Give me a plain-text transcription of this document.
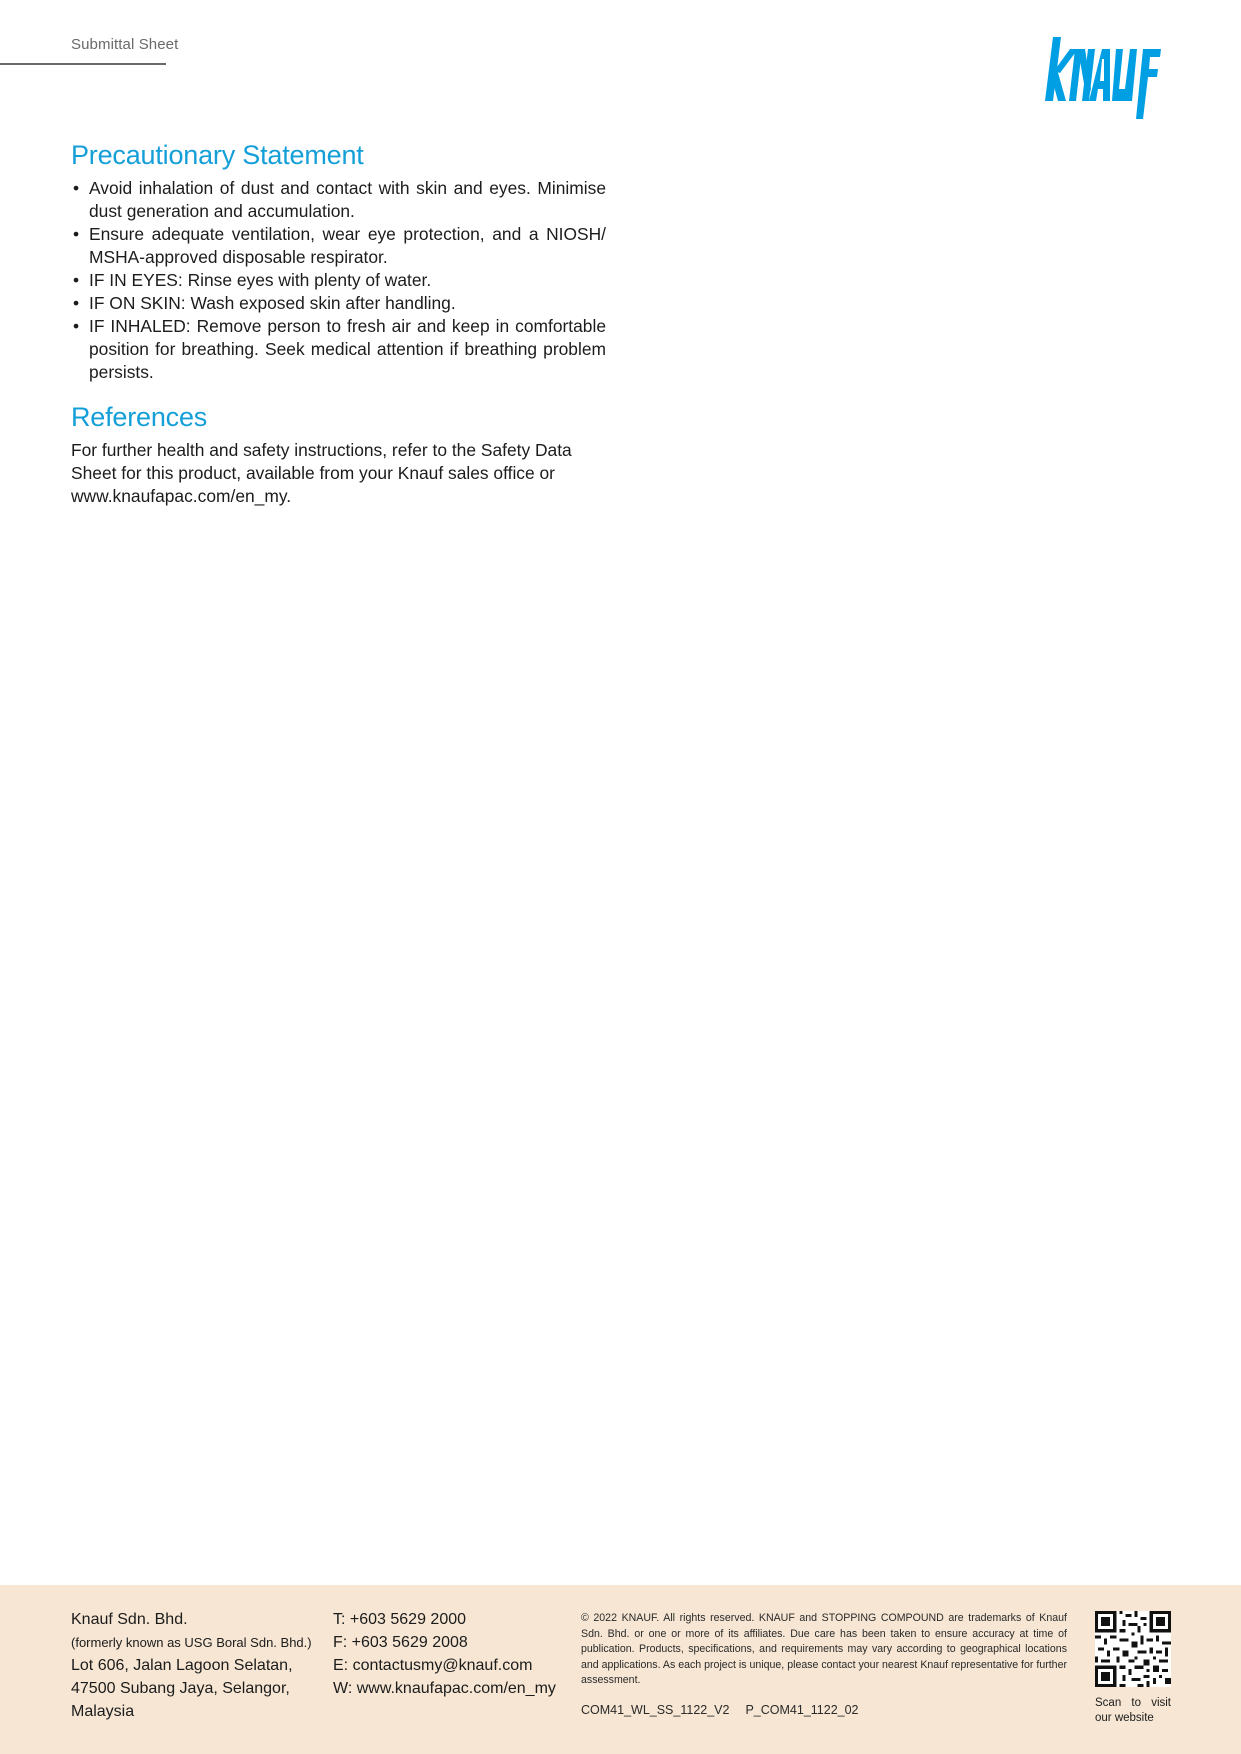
Submittal Sheet
Precautionary Statement
• Avoid inhalation of dust and contact with skin and eyes. Minimise dust generation and accumulation.
• Ensure adequate ventilation, wear eye protection, and a NIOSH/ MSHA-approved disposable respirator.
• IF IN EYES: Rinse eyes with plenty of water.
• IF ON SKIN: Wash exposed skin after handling.
• IF INHALED: Remove person to fresh air and keep in comfortable position for breathing. Seek medical attention if breathing problem persists.
References

For further health and safety instructions, refer to the Safety Data Sheet for this product, available from your Knauf sales office or www.knaufapac.com/en_my.

Knauf Sdn. Bhd.
(formerly known as USG Boral Sdn. Bhd.)
Lot 606, Jalan Lagoon Selatan,
47500 Subang Jaya, Selangor,
Malaysia
T: +603 5629 2000
F: +603 5629 2008
E: contactusmy@knauf.com
W: www.knaufapac.com/en_my
© 2022 KNAUF. All rights reserved. KNAUF and STOPPING COMPOUND are trademarks of Knauf Sdn. Bhd. or one or more of its affiliates. Due care has been taken to ensure accuracy at time of publication. Products, specifications, and requirements may vary according to geographical locations and applications. As each project is unique, please contact your nearest Knauf representative for further assessment.
COM41_WL_SS_1122_V2 P_COM41_1122_02	Scan to visit our website
